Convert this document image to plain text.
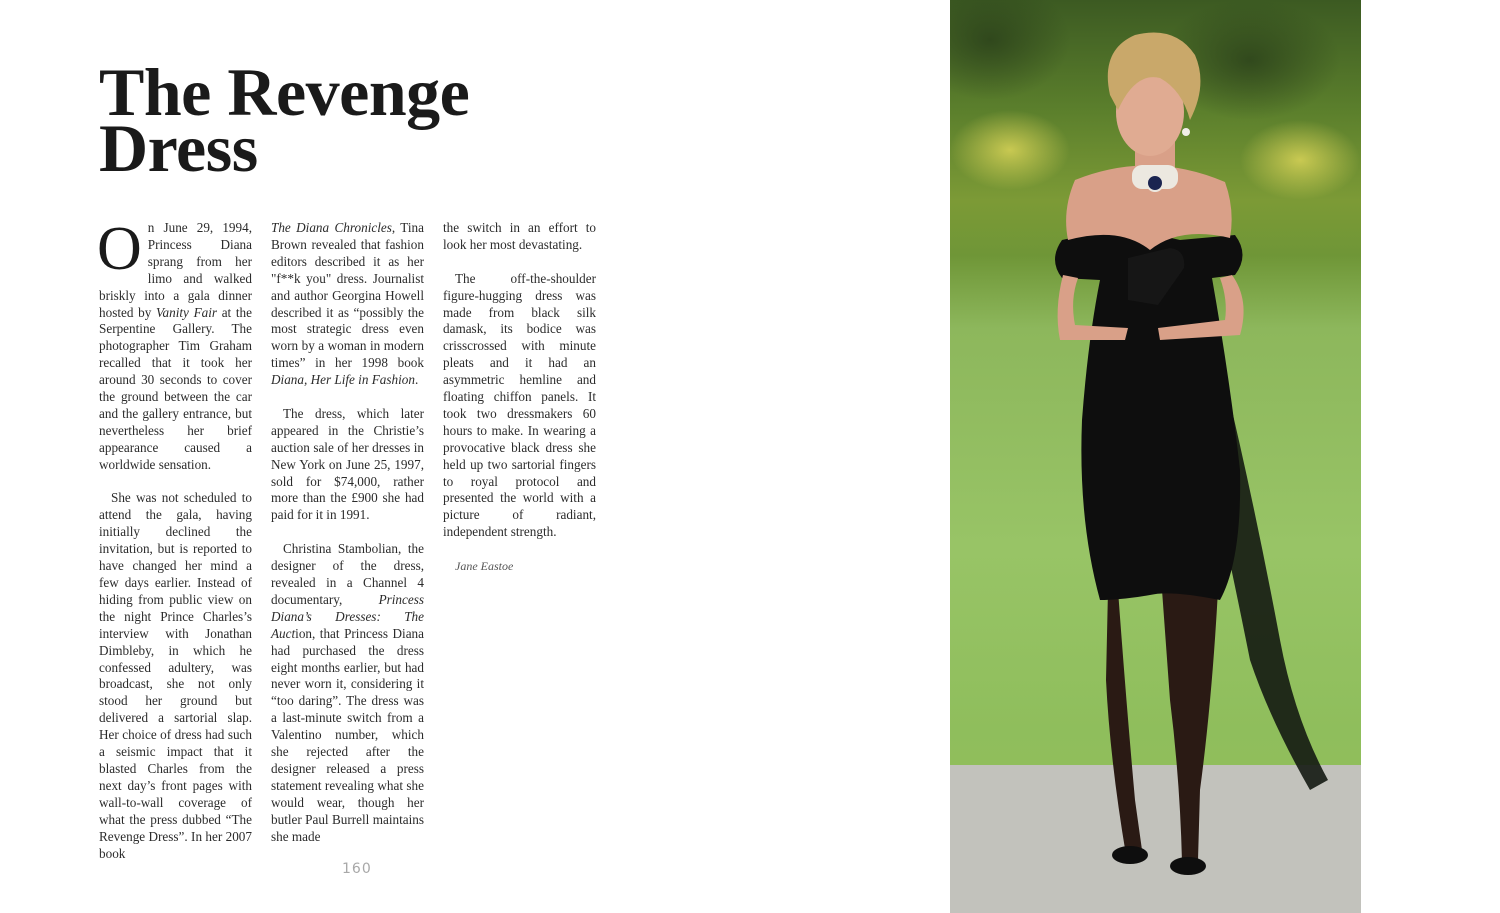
The Revenge
Dress

On June 29, 1994, Princess Diana sprang from her limo and walked briskly into a gala dinner hosted by Vanity Fair at the Serpentine Gallery. The photographer Tim Graham recalled that it took her around 30 seconds to cover the ground between the car and the gallery entrance, but nevertheless her brief appearance caused a worldwide sensation.

She was not scheduled to attend the gala, having initially declined the invitation, but is reported to have changed her mind a few days earlier. Instead of hiding from public view on the night Prince Charles’s interview with Jonathan Dimbleby, in which he confessed adultery, was broadcast, she not only stood her ground but delivered a sartorial slap. Her choice of dress had such a seismic impact that it blasted Charles from the next day’s front pages with wall-to-wall coverage of what the press dubbed “The Revenge Dress”. In her 2007 book

The Diana Chronicles, Tina Brown revealed that fashion editors described it as her "f**k you" dress. Journalist and author Georgina Howell described it as “possibly the most strategic dress even worn by a woman in modern times” in her 1998 book Diana, Her Life in Fashion.

The dress, which later appeared in the Christie’s auction sale of her dresses in New York on June 25, 1997, sold for $74,000, rather more than the £900 she had paid for it in 1991.

Christina Stambolian, the designer of the dress, revealed in a Channel 4 documentary, Princess Diana’s Dresses: The Auction, that Princess Diana had purchased the dress eight months earlier, but had never worn it, considering it “too daring”. The dress was a last-minute switch from a Valentino number, which she rejected after the designer released a press statement revealing what she would wear, though her butler Paul Burrell maintains she made

the switch in an effort to look her most devastating.

The off-the-shoulder figure-hugging dress was made from black silk damask, its bodice was crisscrossed with minute pleats and it had an asymmetric hemline and floating chiffon panels. It took two dressmakers 60 hours to make. In wearing a provocative black dress she held up two sartorial fingers to royal protocol and presented the world with a picture of radiant, independent strength.

Jane Eastoe

160
